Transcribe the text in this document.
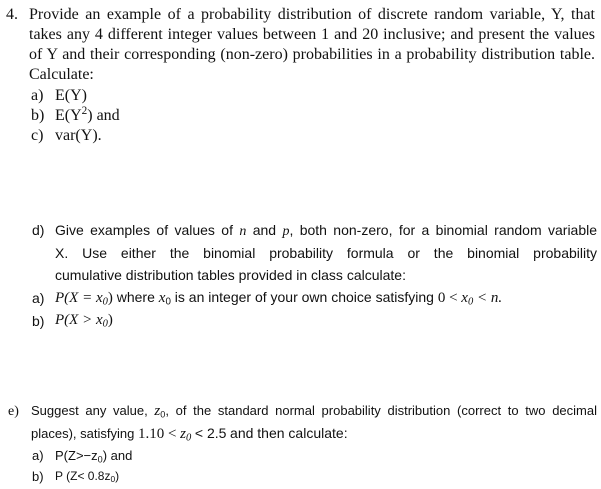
4. Provide an example of a probability distribution of discrete random variable, Y, that
takes any 4 different integer values between 1 and 20 inclusive; and present the values
of Y and their corresponding (non-zero) probabilities in a probability distribution table.
Calculate:
a) E(Y)
b) $E(Y^2)$ and
c) var(Y).
d) Give examples of values of n and p, both non-zero, for a binomial random variable
X. Use either the binomial probability formula or the binomial probability
cumulative distribution tables provided in class calculate:
a) $P(X = x_0)$ where $x_0$ is an integer of your own choice satisfying $0 < x_0 < n$.
b) $P(X > x_0)$
e) Suggest any value, $z_0$, of the standard normal probability distribution (correct to two decimal
places), satisfying $1.10 < z_0 < 2.5$ and then calculate:
a) $P(Z>-z_0)$ and
b) P $(Z< 0.8z_0)$
